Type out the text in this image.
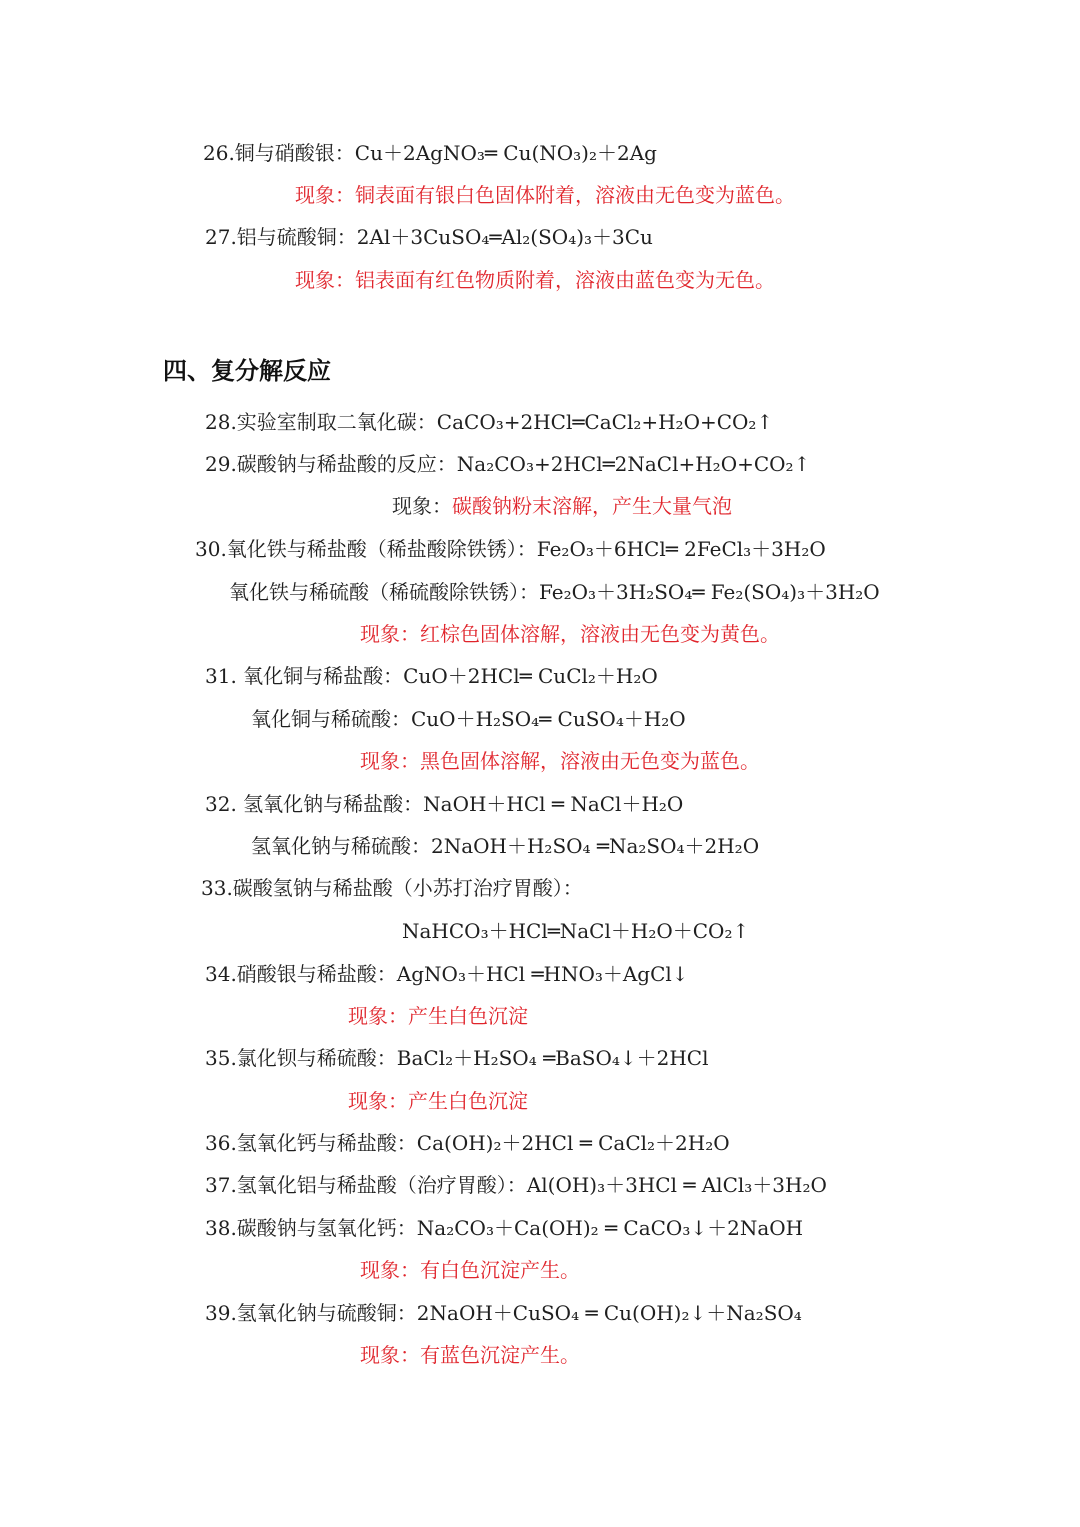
26.铜与硝酸银：Cu＋2AgNO₃═ Cu(NO₃)₂＋2Ag
现象：铜表面有银白色固体附着，溶液由无色变为蓝色。
27.铝与硫酸铜：2Al＋3CuSO₄═Al₂(SO₄)₃＋3Cu
现象：铝表面有红色物质附着，溶液由蓝色变为无色。
四、复分解反应
28.实验室制取二氧化碳：CaCO₃+2HCl═CaCl₂+H₂O+CO₂↑
29.碳酸钠与稀盐酸的反应：Na₂CO₃+2HCl═2NaCl+H₂O+CO₂↑
现象：碳酸钠粉末溶解，产生大量气泡
30.氧化铁与稀盐酸（稀盐酸除铁锈）：Fe₂O₃＋6HCl═ 2FeCl₃＋3H₂O
氧化铁与稀硫酸（稀硫酸除铁锈）：Fe₂O₃＋3H₂SO₄═ Fe₂(SO₄)₃＋3H₂O
现象：红棕色固体溶解，溶液由无色变为黄色。
31. 氧化铜与稀盐酸：CuO＋2HCl═ CuCl₂＋H₂O
氧化铜与稀硫酸：CuO＋H₂SO₄═ CuSO₄＋H₂O
现象：黑色固体溶解，溶液由无色变为蓝色。
32. 氢氧化钠与稀盐酸：NaOH＋HCl ═ NaCl＋H₂O
氢氧化钠与稀硫酸：2NaOH＋H₂SO₄ ═Na₂SO₄＋2H₂O
33.碳酸氢钠与稀盐酸（小苏打治疗胃酸）：
NaHCO₃＋HCl═NaCl＋H₂O＋CO₂↑
34.硝酸银与稀盐酸：AgNO₃＋HCl ═HNO₃＋AgCl↓
现象：产生白色沉淀
35.氯化钡与稀硫酸：BaCl₂＋H₂SO₄ ═BaSO₄↓＋2HCl
现象：产生白色沉淀
36.氢氧化钙与稀盐酸：Ca(OH)₂＋2HCl ═ CaCl₂＋2H₂O
37.氢氧化铝与稀盐酸（治疗胃酸）：Al(OH)₃＋3HCl ═ AlCl₃＋3H₂O
38.碳酸钠与氢氧化钙：Na₂CO₃＋Ca(OH)₂ ═ CaCO₃↓＋2NaOH
现象：有白色沉淀产生。
39.氢氧化钠与硫酸铜：2NaOH＋CuSO₄ ═ Cu(OH)₂↓＋Na₂SO₄
现象：有蓝色沉淀产生。
